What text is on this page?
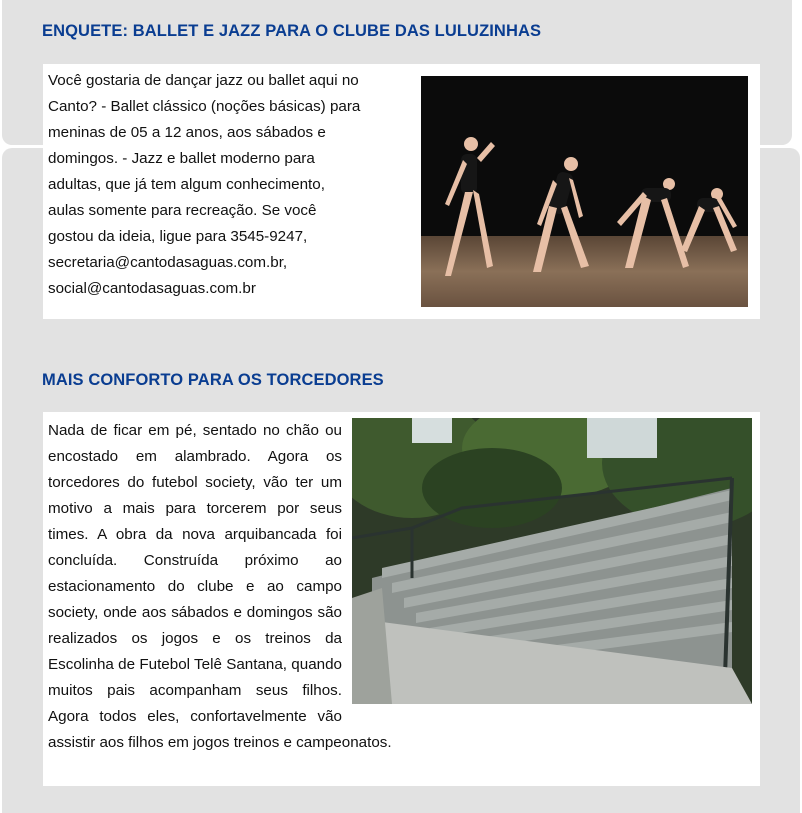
ENQUETE: BALLET E JAZZ PARA O CLUBE DAS LULUZINHAS
Você gostaria de dançar jazz ou ballet aqui no
Canto? - Ballet clássico (noções básicas) para
meninas de 05 a 12 anos, aos sábados e
domingos. - Jazz e ballet moderno para
adultas, que já tem algum conhecimento,
aulas somente para recreação. Se você
gostou da ideia, ligue para 3545-9247,
secretaria@cantodasaguas.com.br,
social@cantodasaguas.com.br
MAIS CONFORTO PARA OS TORCEDORES
Nada de ficar em pé, sentado no chão ou encostado em alambrado. Agora os torcedores do futebol society, vão ter um motivo a mais para torcerem por seus times. A obra da nova arquibancada foi concluída. Construída próximo ao estacionamento do clube e ao campo society, onde aos sábados e domingos são realizados os jogos e os treinos da Escolinha de Futebol Telê Santana, quando muitos pais acompanham seus filhos. Agora todos eles, confortavelmente vão assistir aos filhos em jogos treinos e campeonatos.
